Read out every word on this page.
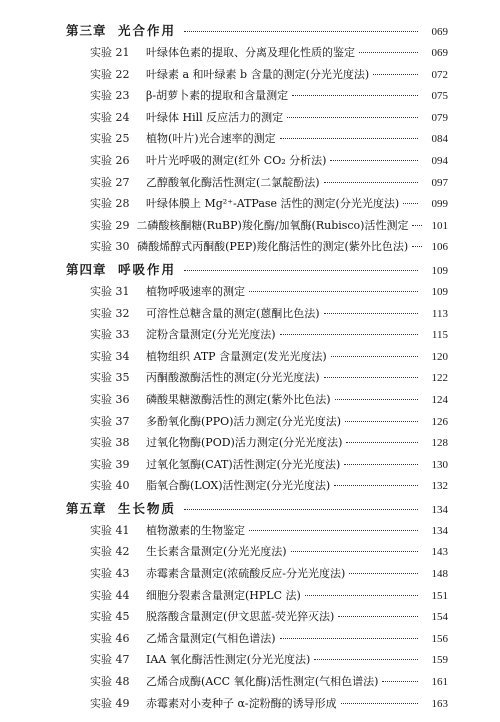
第三章 光合作用	069
实验 21	叶绿体色素的提取、分离及理化性质的鉴定	069
实验 22	叶绿素 a 和叶绿素 b 含量的测定(分光光度法)	072
实验 23	β-胡萝卜素的提取和含量测定	075
实验 24	叶绿体 Hill 反应活力的测定	079
实验 25	植物(叶片)光合速率的测定	084
实验 26	叶片光呼吸的测定(红外 CO₂ 分析法)	094
实验 27	乙醇酸氧化酶活性测定(二氯靛酚法)	097
实验 28	叶绿体膜上 Mg²⁺-ATPase 活性的测定(分光光度法)	099
实验 29 二磷酸核酮糖(RuBP)羧化酶/加氧酶(Rubisco)活性测定	101
实验 30 磷酸烯醇式丙酮酸(PEP)羧化酶活性的测定(紫外比色法)	106
第四章 呼吸作用	109
实验 31	植物呼吸速率的测定	109
实验 32	可溶性总糖含量的测定(蒽酮比色法)	113
实验 33	淀粉含量测定(分光光度法)	115
实验 34	植物组织 ATP 含量测定(发光光度法)	120
实验 35	丙酮酸激酶活性的测定(分光光度法)	122
实验 36	磷酸果糖激酶活性的测定(紫外比色法)	124
实验 37	多酚氧化酶(PPO)活力测定(分光光度法)	126
实验 38	过氧化物酶(POD)活力测定(分光光度法)	128
实验 39	过氧化氢酶(CAT)活性测定(分光光度法)	130
实验 40	脂氧合酶(LOX)活性测定(分光光度法)	132
第五章 生长物质	134
实验 41	植物激素的生物鉴定	134
实验 42	生长素含量测定(分光光度法)	143
实验 43	赤霉素含量测定(浓硫酸反应-分光光度法)	148
实验 44	细胞分裂素含量测定(HPLC 法)	151
实验 45	脱落酸含量测定(伊文思蓝-荧光猝灭法)	154
实验 46	乙烯含量测定(气相色谱法)	156
实验 47	IAA 氧化酶活性测定(分光光度法)	159
实验 48	乙烯合成酶(ACC 氧化酶)活性测定(气相色谱法)	161
实验 49	赤霉素对小麦种子 α-淀粉酶的诱导形成	163
